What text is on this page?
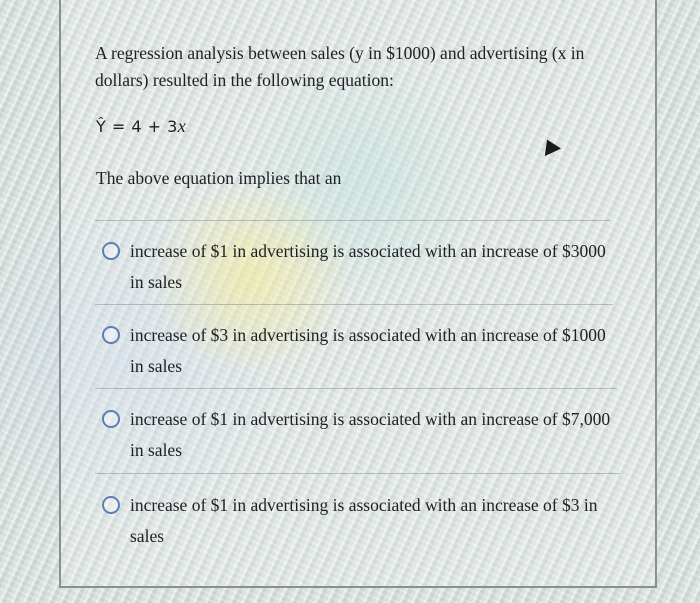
A regression analysis between sales (y in $1000) and advertising (x in dollars) resulted in the following equation:
Ŷ = 4 + 3x
The above equation implies that an
increase of $1 in advertising is associated with an increase of $3000 in sales
increase of $3 in advertising is associated with an increase of $1000 in sales
increase of $1 in advertising is associated with an increase of $7,000 in sales
increase of $1 in advertising is associated with an increase of $3 in sales
